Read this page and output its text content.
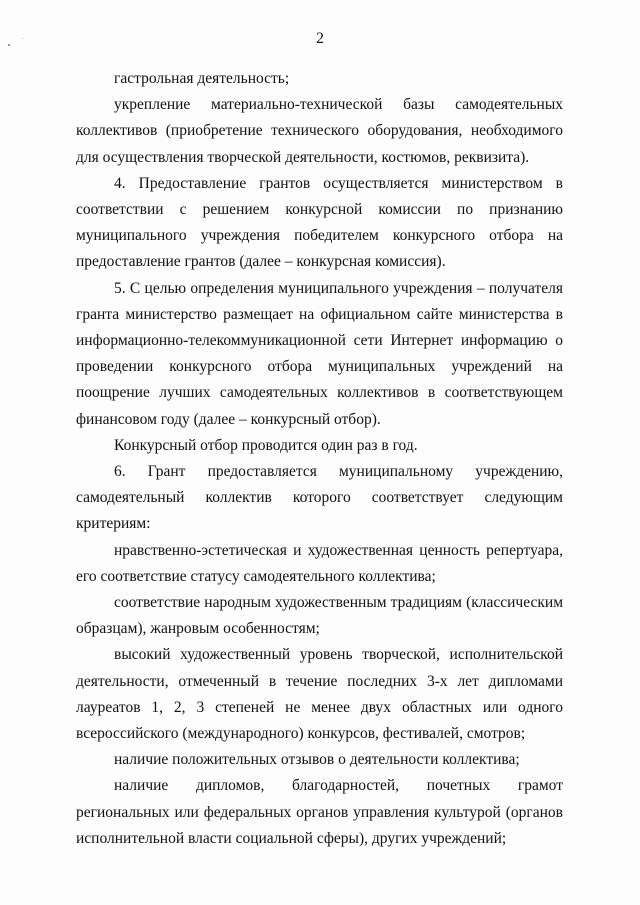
2

гастрольная деятельность;

укрепление материально-технической базы самодеятельных коллективов (приобретение технического оборудования, необходимого для осуществления творческой деятельности, костюмов, реквизита).

4. Предоставление грантов осуществляется министерством в соответствии с решением конкурсной комиссии по признанию муниципального учреждения победителем конкурсного отбора на предоставление грантов (далее – конкурсная комиссия).

5. С целью определения муниципального учреждения – получателя гранта министерство размещает на официальном сайте министерства в информационно-телекоммуникационной сети Интернет информацию о проведении конкурсного отбора муниципальных учреждений на поощрение лучших самодеятельных коллективов в соответствующем финансовом году (далее – конкурсный отбор).

Конкурсный отбор проводится один раз в год.

6. Грант предоставляется муниципальному учреждению, самодеятельный коллектив которого соответствует следующим критериям:

нравственно-эстетическая и художественная ценность репертуара, его соответствие статусу самодеятельного коллектива;

соответствие народным художественным традициям (классическим образцам), жанровым особенностям;

высокий художественный уровень творческой, исполнительской деятельности, отмеченный в течение последних 3-х лет дипломами лауреатов 1, 2, 3 степеней не менее двух областных или одного всероссийского (международного) конкурсов, фестивалей, смотров;

наличие положительных отзывов о деятельности коллектива;

наличие дипломов, благодарностей, почетных грамот региональных или федеральных органов управления культурой (органов исполнительной власти социальной сферы), других учреждений;
